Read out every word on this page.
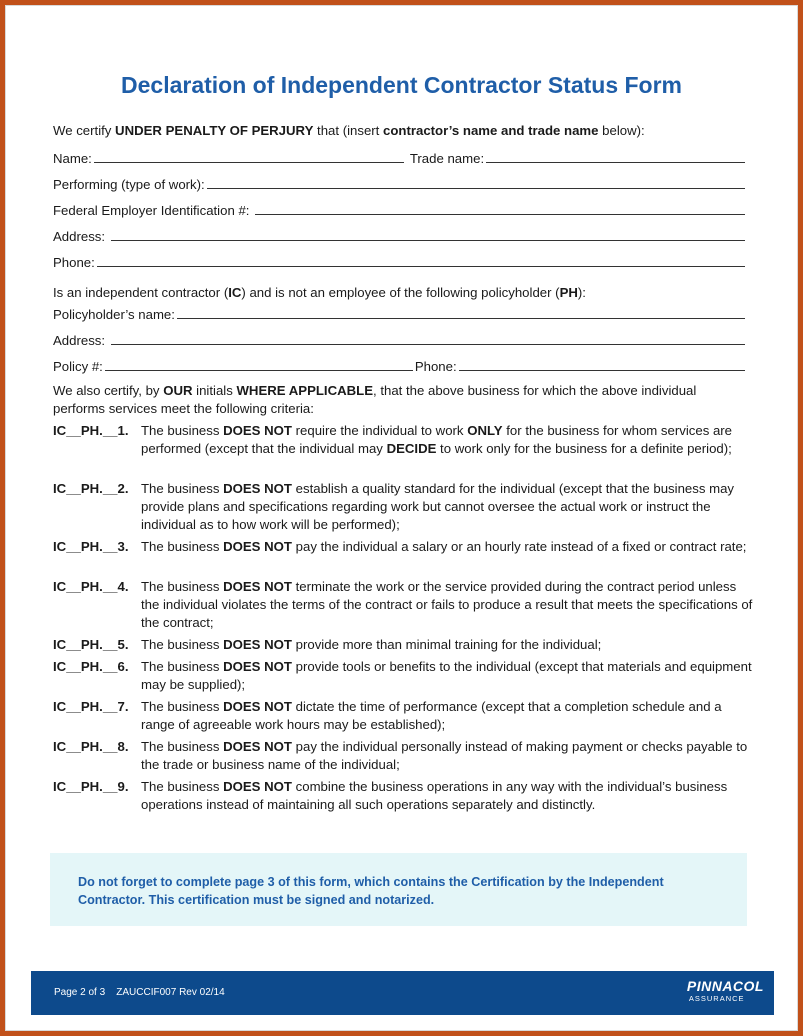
Declaration of Independent Contractor Status Form
We certify UNDER PENALTY OF PERJURY that (insert contractor’s name and trade name below):
Name:	Trade name:
Performing (type of work):
Federal Employer Identification #:
Address:
Phone:
Is an independent contractor (IC) and is not an employee of the following policyholder (PH):
Policyholder’s name:
Address:
Policy #:	Phone:
We also certify, by OUR initials WHERE APPLICABLE, that the above business for which the above individual performs services meet the following criteria:
IC__PH.__1. The business DOES NOT require the individual to work ONLY for the business for whom services are performed (except that the individual may DECIDE to work only for the business for a definite period);
IC__PH.__2. The business DOES NOT establish a quality standard for the individual (except that the business may provide plans and specifications regarding work but cannot oversee the actual work or instruct the individual as to how work will be performed);
IC__PH.__3. The business DOES NOT pay the individual a salary or an hourly rate instead of a fixed or contract rate;
IC__PH.__4. The business DOES NOT terminate the work or the service provided during the contract period unless the individual violates the terms of the contract or fails to produce a result that meets the specifications of the contract;
IC__PH.__5. The business DOES NOT provide more than minimal training for the individual;
IC__PH.__6. The business DOES NOT provide tools or benefits to the individual (except that materials and equipment may be supplied);
IC__PH.__7. The business DOES NOT dictate the time of performance (except that a completion schedule and a range of agreeable work hours may be established);
IC__PH.__8. The business DOES NOT pay the individual personally instead of making payment or checks payable to the trade or business name of the individual;
IC__PH.__9. The business DOES NOT combine the business operations in any way with the individual’s business operations instead of maintaining all such operations separately and distinctly.
Do not forget to complete page 3 of this form, which contains the Certification by the Independent Contractor. This certification must be signed and notarized.
Page 2 of 3 ZAUCCIF007 Rev 02/14	PINNACOL
ASSURANCE
